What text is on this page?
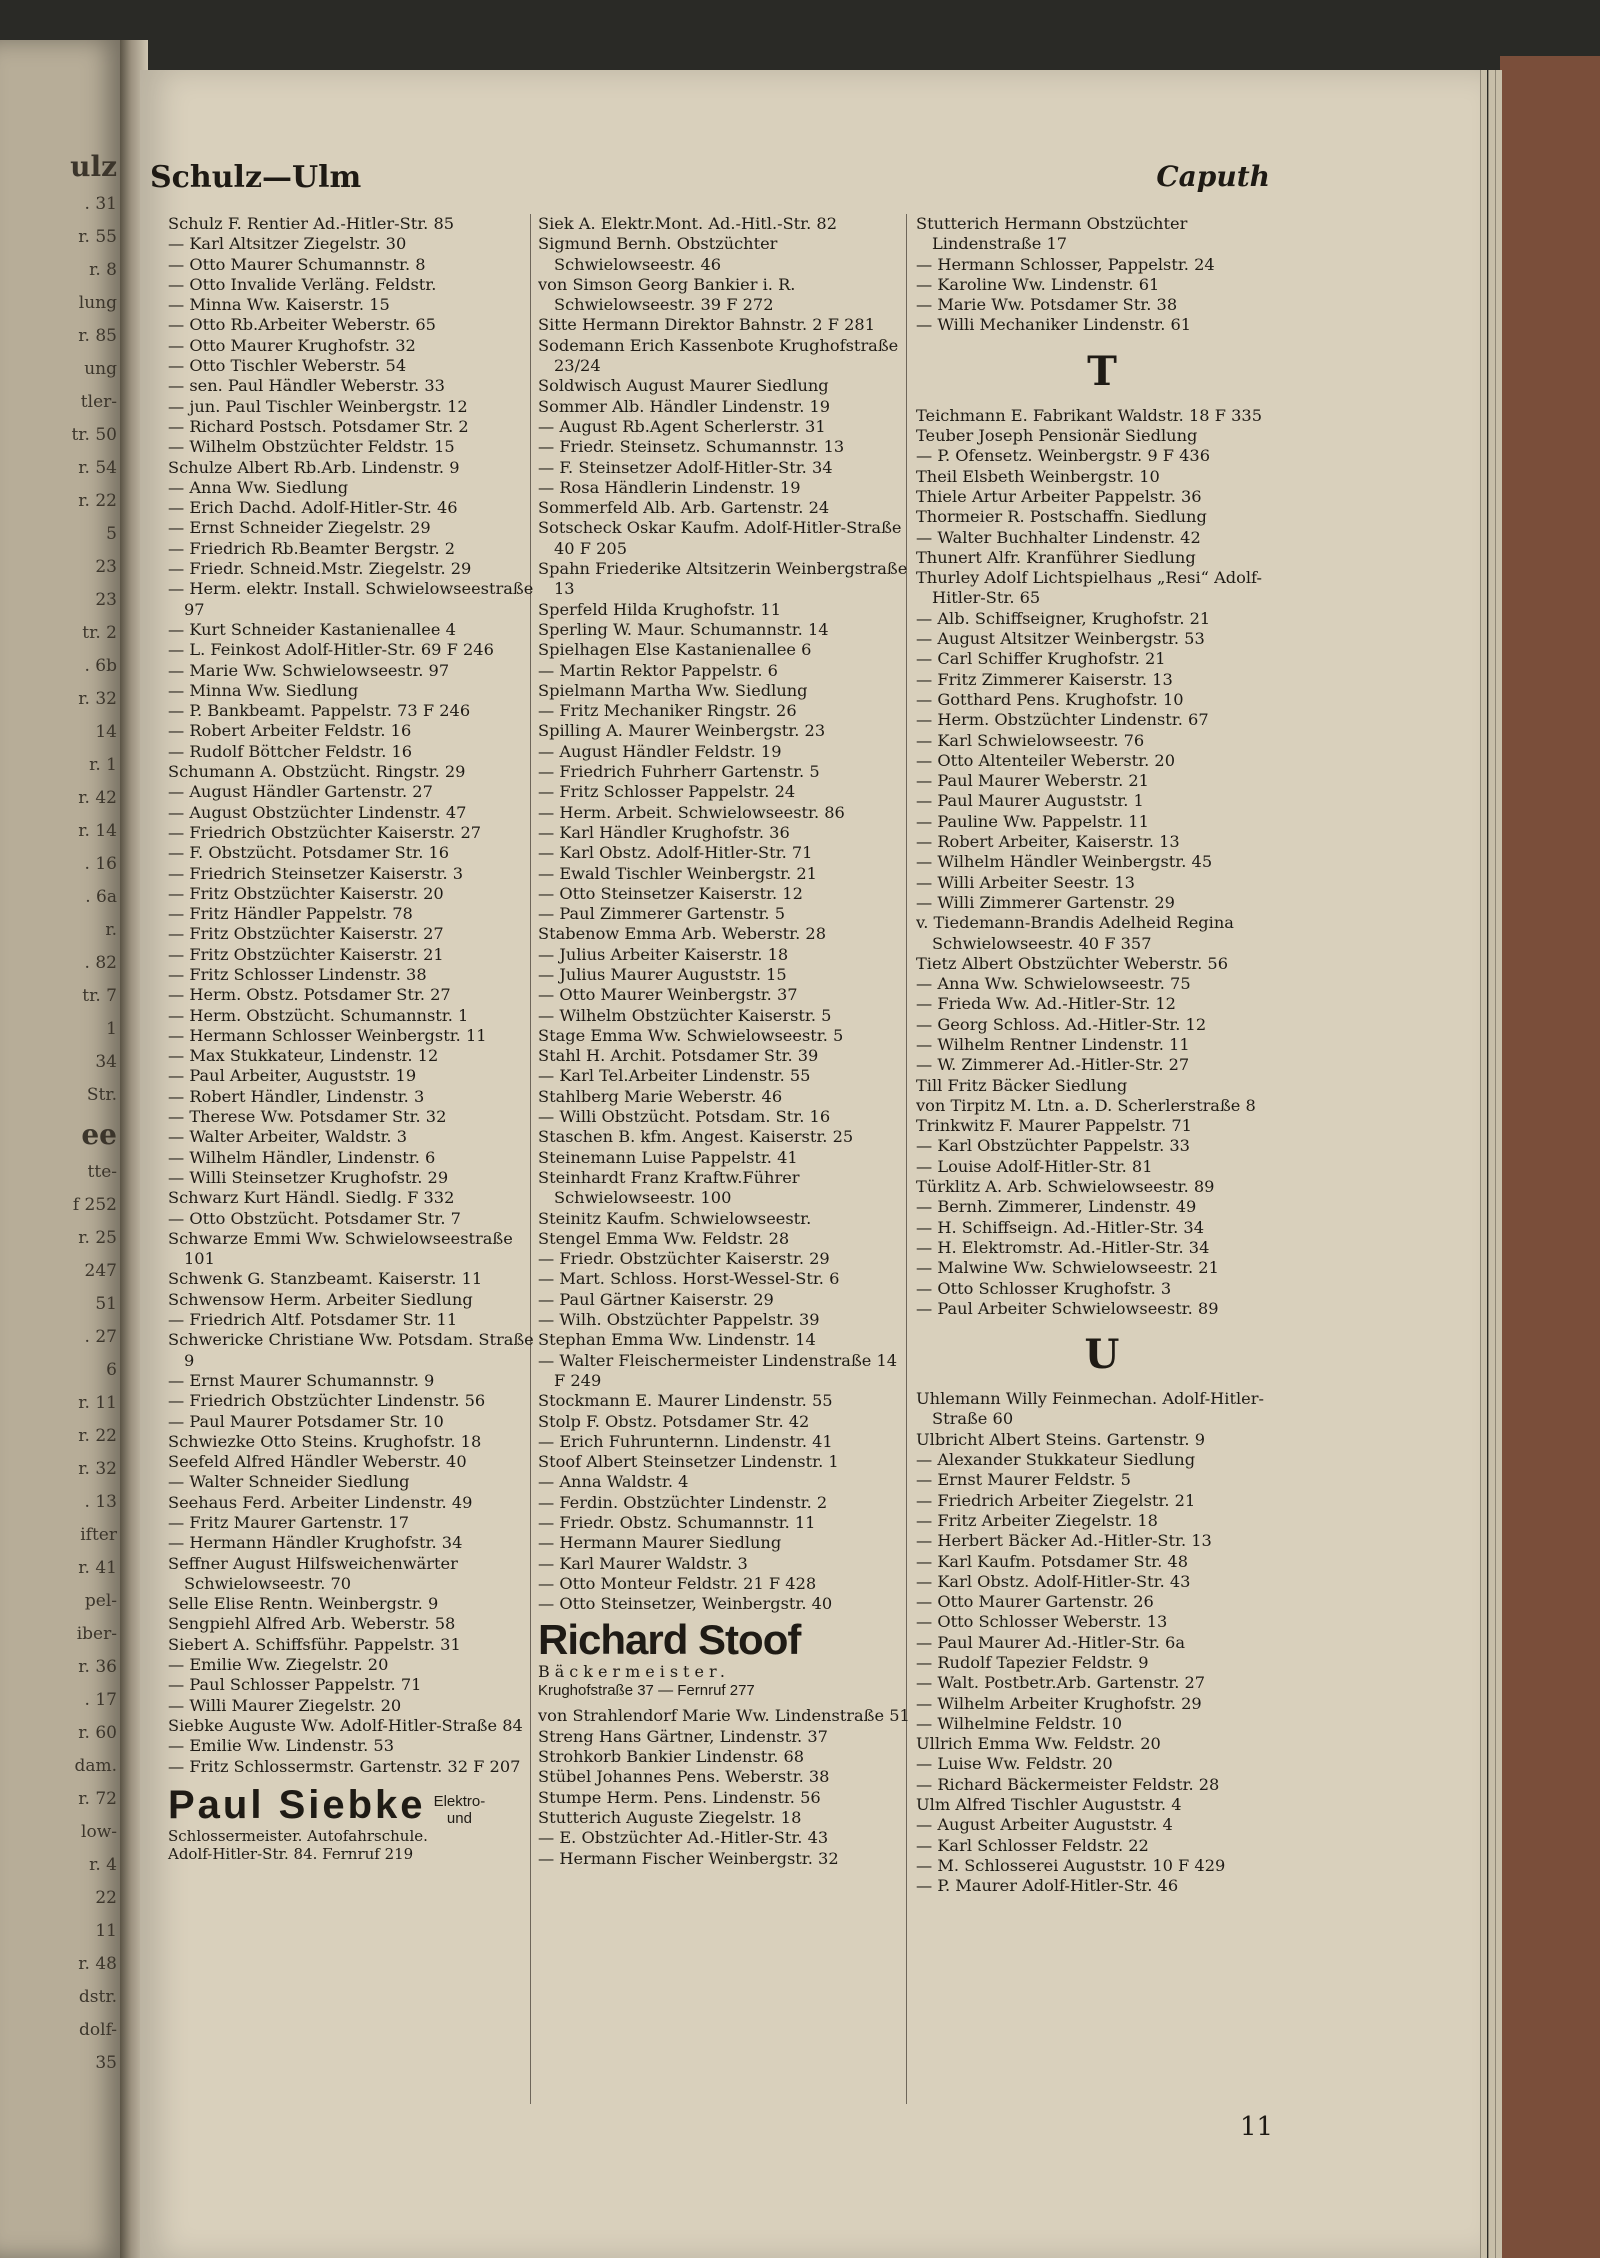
ulz
. 31
r. 55
r. 8
lung
r. 85
ung
tler-
tr. 50
r. 54
r. 22
5
23
23
tr. 2
. 6b
r. 32
14
r. 1
r. 42
r. 14
. 16
. 6a
r.
. 82
tr. 7
1
34
Str.
ee
tte-
f 252
r. 25
247
51
. 27
6
r. 11
r. 22
r. 32
. 13
ifter
r. 41
pel-
iber-
r. 36
. 17
r. 60
dam.
r. 72
low-
r. 4
22
11
r. 48
dstr.
dolf-
35
Schulz—Ulm	Caputh
Schulz F. Rentier Ad.-Hitler-Str. 85
— Karl Altsitzer Ziegelstr. 30
— Otto Maurer Schumannstr. 8
— Otto Invalide Verläng. Feldstr.
— Minna Ww. Kaiserstr. 15
— Otto Rb.Arbeiter Weberstr. 65
— Otto Maurer Krughofstr. 32
— Otto Tischler Weberstr. 54
— sen. Paul Händler Weberstr. 33
— jun. Paul Tischler Weinbergstr. 12
— Richard Postsch. Potsdamer Str. 2
— Wilhelm Obstzüchter Feldstr. 15
Schulze Albert Rb.Arb. Lindenstr. 9
— Anna Ww. Siedlung
— Erich Dachd. Adolf-Hitler-Str. 46
— Ernst Schneider Ziegelstr. 29
— Friedrich Rb.Beamter Bergstr. 2
— Friedr. Schneid.Mstr. Ziegelstr. 29
— Herm. elektr. Install. Schwielowseestraße 97
— Kurt Schneider Kastanienallee 4
— L. Feinkost Adolf-Hitler-Str. 69 F 246
— Marie Ww. Schwielowseestr. 97
— Minna Ww. Siedlung
— P. Bankbeamt. Pappelstr. 73 F 246
— Robert Arbeiter Feldstr. 16
— Rudolf Böttcher Feldstr. 16
Schumann A. Obstzücht. Ringstr. 29
— August Händler Gartenstr. 27
— August Obstzüchter Lindenstr. 47
— Friedrich Obstzüchter Kaiserstr. 27
— F. Obstzücht. Potsdamer Str. 16
— Friedrich Steinsetzer Kaiserstr. 3
— Fritz Obstzüchter Kaiserstr. 20
— Fritz Händler Pappelstr. 78
— Fritz Obstzüchter Kaiserstr. 27
— Fritz Obstzüchter Kaiserstr. 21
— Fritz Schlosser Lindenstr. 38
— Herm. Obstz. Potsdamer Str. 27
— Herm. Obstzücht. Schumannstr. 1
— Hermann Schlosser Weinbergstr. 11
— Max Stukkateur, Lindenstr. 12
— Paul Arbeiter, Auguststr. 19
— Robert Händler, Lindenstr. 3
— Therese Ww. Potsdamer Str. 32
— Walter Arbeiter, Waldstr. 3
— Wilhelm Händler, Lindenstr. 6
— Willi Steinsetzer Krughofstr. 29
Schwarz Kurt Händl. Siedlg. F 332
— Otto Obstzücht. Potsdamer Str. 7
Schwarze Emmi Ww. Schwielowseestraße 101
Schwenk G. Stanzbeamt. Kaiserstr. 11
Schwensow Herm. Arbeiter Siedlung
— Friedrich Altf. Potsdamer Str. 11
Schwericke Christiane Ww. Potsdam. Straße 9
— Ernst Maurer Schumannstr. 9
— Friedrich Obstzüchter Lindenstr. 56
— Paul Maurer Potsdamer Str. 10
Schwiezke Otto Steins. Krughofstr. 18
Seefeld Alfred Händler Weberstr. 40
— Walter Schneider Siedlung
Seehaus Ferd. Arbeiter Lindenstr. 49
— Fritz Maurer Gartenstr. 17
— Hermann Händler Krughofstr. 34
Seffner August Hilfsweichenwärter Schwielowseestr. 70
Selle Elise Rentn. Weinbergstr. 9
Sengpiehl Alfred Arb. Weberstr. 58
Siebert A. Schiffsführ. Pappelstr. 31
— Emilie Ww. Ziegelstr. 20
— Paul Schlosser Pappelstr. 71
— Willi Maurer Ziegelstr. 20
Siebke Auguste Ww. Adolf-Hitler-Straße 84
— Emilie Ww. Lindenstr. 53
— Fritz Schlossermstr. Gartenstr. 32 F 207
Paul Siebke Elektro-
und
Schlossermeister. Autofahrschule.
Adolf-Hitler-Str. 84. Fernruf 219
Siek A. Elektr.Mont. Ad.-Hitl.-Str. 82
Sigmund Bernh. Obstzüchter Schwielowseestr. 46
von Simson Georg Bankier i. R. Schwielowseestr. 39 F 272
Sitte Hermann Direktor Bahnstr. 2 F 281
Sodemann Erich Kassenbote Krughofstraße 23/24
Soldwisch August Maurer Siedlung
Sommer Alb. Händler Lindenstr. 19
— August Rb.Agent Scherlerstr. 31
— Friedr. Steinsetz. Schumannstr. 13
— F. Steinsetzer Adolf-Hitler-Str. 34
— Rosa Händlerin Lindenstr. 19
Sommerfeld Alb. Arb. Gartenstr. 24
Sotscheck Oskar Kaufm. Adolf-Hitler-Straße 40 F 205
Spahn Friederike Altsitzerin Weinbergstraße 13
Sperfeld Hilda Krughofstr. 11
Sperling W. Maur. Schumannstr. 14
Spielhagen Else Kastanienallee 6
— Martin Rektor Pappelstr. 6
Spielmann Martha Ww. Siedlung
— Fritz Mechaniker Ringstr. 26
Spilling A. Maurer Weinbergstr. 23
— August Händler Feldstr. 19
— Friedrich Fuhrherr Gartenstr. 5
— Fritz Schlosser Pappelstr. 24
— Herm. Arbeit. Schwielowseestr. 86
— Karl Händler Krughofstr. 36
— Karl Obstz. Adolf-Hitler-Str. 71
— Ewald Tischler Weinbergstr. 21
— Otto Steinsetzer Kaiserstr. 12
— Paul Zimmerer Gartenstr. 5
Stabenow Emma Arb. Weberstr. 28
— Julius Arbeiter Kaiserstr. 18
— Julius Maurer Auguststr. 15
— Otto Maurer Weinbergstr. 37
— Wilhelm Obstzüchter Kaiserstr. 5
Stage Emma Ww. Schwielowseestr. 5
Stahl H. Archit. Potsdamer Str. 39
— Karl Tel.Arbeiter Lindenstr. 55
Stahlberg Marie Weberstr. 46
— Willi Obstzücht. Potsdam. Str. 16
Staschen B. kfm. Angest. Kaiserstr. 25
Steinemann Luise Pappelstr. 41
Steinhardt Franz Kraftw.Führer Schwielowseestr. 100
Steinitz Kaufm. Schwielowseestr.
Stengel Emma Ww. Feldstr. 28
— Friedr. Obstzüchter Kaiserstr. 29
— Mart. Schloss. Horst-Wessel-Str. 6
— Paul Gärtner Kaiserstr. 29
— Wilh. Obstzüchter Pappelstr. 39
Stephan Emma Ww. Lindenstr. 14
— Walter Fleischermeister Lindenstraße 14 F 249
Stockmann E. Maurer Lindenstr. 55
Stolp F. Obstz. Potsdamer Str. 42
— Erich Fuhrunternn. Lindenstr. 41
Stoof Albert Steinsetzer Lindenstr. 1
— Anna Waldstr. 4
— Ferdin. Obstzüchter Lindenstr. 2
— Friedr. Obstz. Schumannstr. 11
— Hermann Maurer Siedlung
— Karl Maurer Waldstr. 3
— Otto Monteur Feldstr. 21 F 428
— Otto Steinsetzer, Weinbergstr. 40
Richard Stoof
Bäckermeister.
Krughofstraße 37 — Fernruf 277
von Strahlendorf Marie Ww. Lindenstraße 51
Streng Hans Gärtner, Lindenstr. 37
Strohkorb Bankier Lindenstr. 68
Stübel Johannes Pens. Weberstr. 38
Stumpe Herm. Pens. Lindenstr. 56
Stutterich Auguste Ziegelstr. 18
— E. Obstzüchter Ad.-Hitler-Str. 43
— Hermann Fischer Weinbergstr. 32
Stutterich Hermann Obstzüchter Lindenstraße 17
— Hermann Schlosser, Pappelstr. 24
— Karoline Ww. Lindenstr. 61
— Marie Ww. Potsdamer Str. 38
— Willi Mechaniker Lindenstr. 61
T
Teichmann E. Fabrikant Waldstr. 18 F 335
Teuber Joseph Pensionär Siedlung
— P. Ofensetz. Weinbergstr. 9 F 436
Theil Elsbeth Weinbergstr. 10
Thiele Artur Arbeiter Pappelstr. 36
Thormeier R. Postschaffn. Siedlung
— Walter Buchhalter Lindenstr. 42
Thunert Alfr. Kranführer Siedlung
Thurley Adolf Lichtspielhaus „Resi“ Adolf-Hitler-Str. 65
— Alb. Schiffseigner, Krughofstr. 21
— August Altsitzer Weinbergstr. 53
— Carl Schiffer Krughofstr. 21
— Fritz Zimmerer Kaiserstr. 13
— Gotthard Pens. Krughofstr. 10
— Herm. Obstzüchter Lindenstr. 67
— Karl Schwielowseestr. 76
— Otto Altenteiler Weberstr. 20
— Paul Maurer Weberstr. 21
— Paul Maurer Auguststr. 1
— Pauline Ww. Pappelstr. 11
— Robert Arbeiter, Kaiserstr. 13
— Wilhelm Händler Weinbergstr. 45
— Willi Arbeiter Seestr. 13
— Willi Zimmerer Gartenstr. 29
v. Tiedemann-Brandis Adelheid Regina Schwielowseestr. 40 F 357
Tietz Albert Obstzüchter Weberstr. 56
— Anna Ww. Schwielowseestr. 75
— Frieda Ww. Ad.-Hitler-Str. 12
— Georg Schloss. Ad.-Hitler-Str. 12
— Wilhelm Rentner Lindenstr. 11
— W. Zimmerer Ad.-Hitler-Str. 27
Till Fritz Bäcker Siedlung
von Tirpitz M. Ltn. a. D. Scherlerstraße 8
Trinkwitz F. Maurer Pappelstr. 71
— Karl Obstzüchter Pappelstr. 33
— Louise Adolf-Hitler-Str. 81
Türklitz A. Arb. Schwielowseestr. 89
— Bernh. Zimmerer, Lindenstr. 49
— H. Schiffseign. Ad.-Hitler-Str. 34
— H. Elektromstr. Ad.-Hitler-Str. 34
— Malwine Ww. Schwielowseestr. 21
— Otto Schlosser Krughofstr. 3
— Paul Arbeiter Schwielowseestr. 89
U
Uhlemann Willy Feinmechan. Adolf-Hitler-Straße 60
Ulbricht Albert Steins. Gartenstr. 9
— Alexander Stukkateur Siedlung
— Ernst Maurer Feldstr. 5
— Friedrich Arbeiter Ziegelstr. 21
— Fritz Arbeiter Ziegelstr. 18
— Herbert Bäcker Ad.-Hitler-Str. 13
— Karl Kaufm. Potsdamer Str. 48
— Karl Obstz. Adolf-Hitler-Str. 43
— Otto Maurer Gartenstr. 26
— Otto Schlosser Weberstr. 13
— Paul Maurer Ad.-Hitler-Str. 6a
— Rudolf Tapezier Feldstr. 9
— Walt. Postbetr.Arb. Gartenstr. 27
— Wilhelm Arbeiter Krughofstr. 29
— Wilhelmine Feldstr. 10
Ullrich Emma Ww. Feldstr. 20
— Luise Ww. Feldstr. 20
— Richard Bäckermeister Feldstr. 28
Ulm Alfred Tischler Auguststr. 4
— August Arbeiter Auguststr. 4
— Karl Schlosser Feldstr. 22
— M. Schlosserei Auguststr. 10 F 429
— P. Maurer Adolf-Hitler-Str. 46
11
